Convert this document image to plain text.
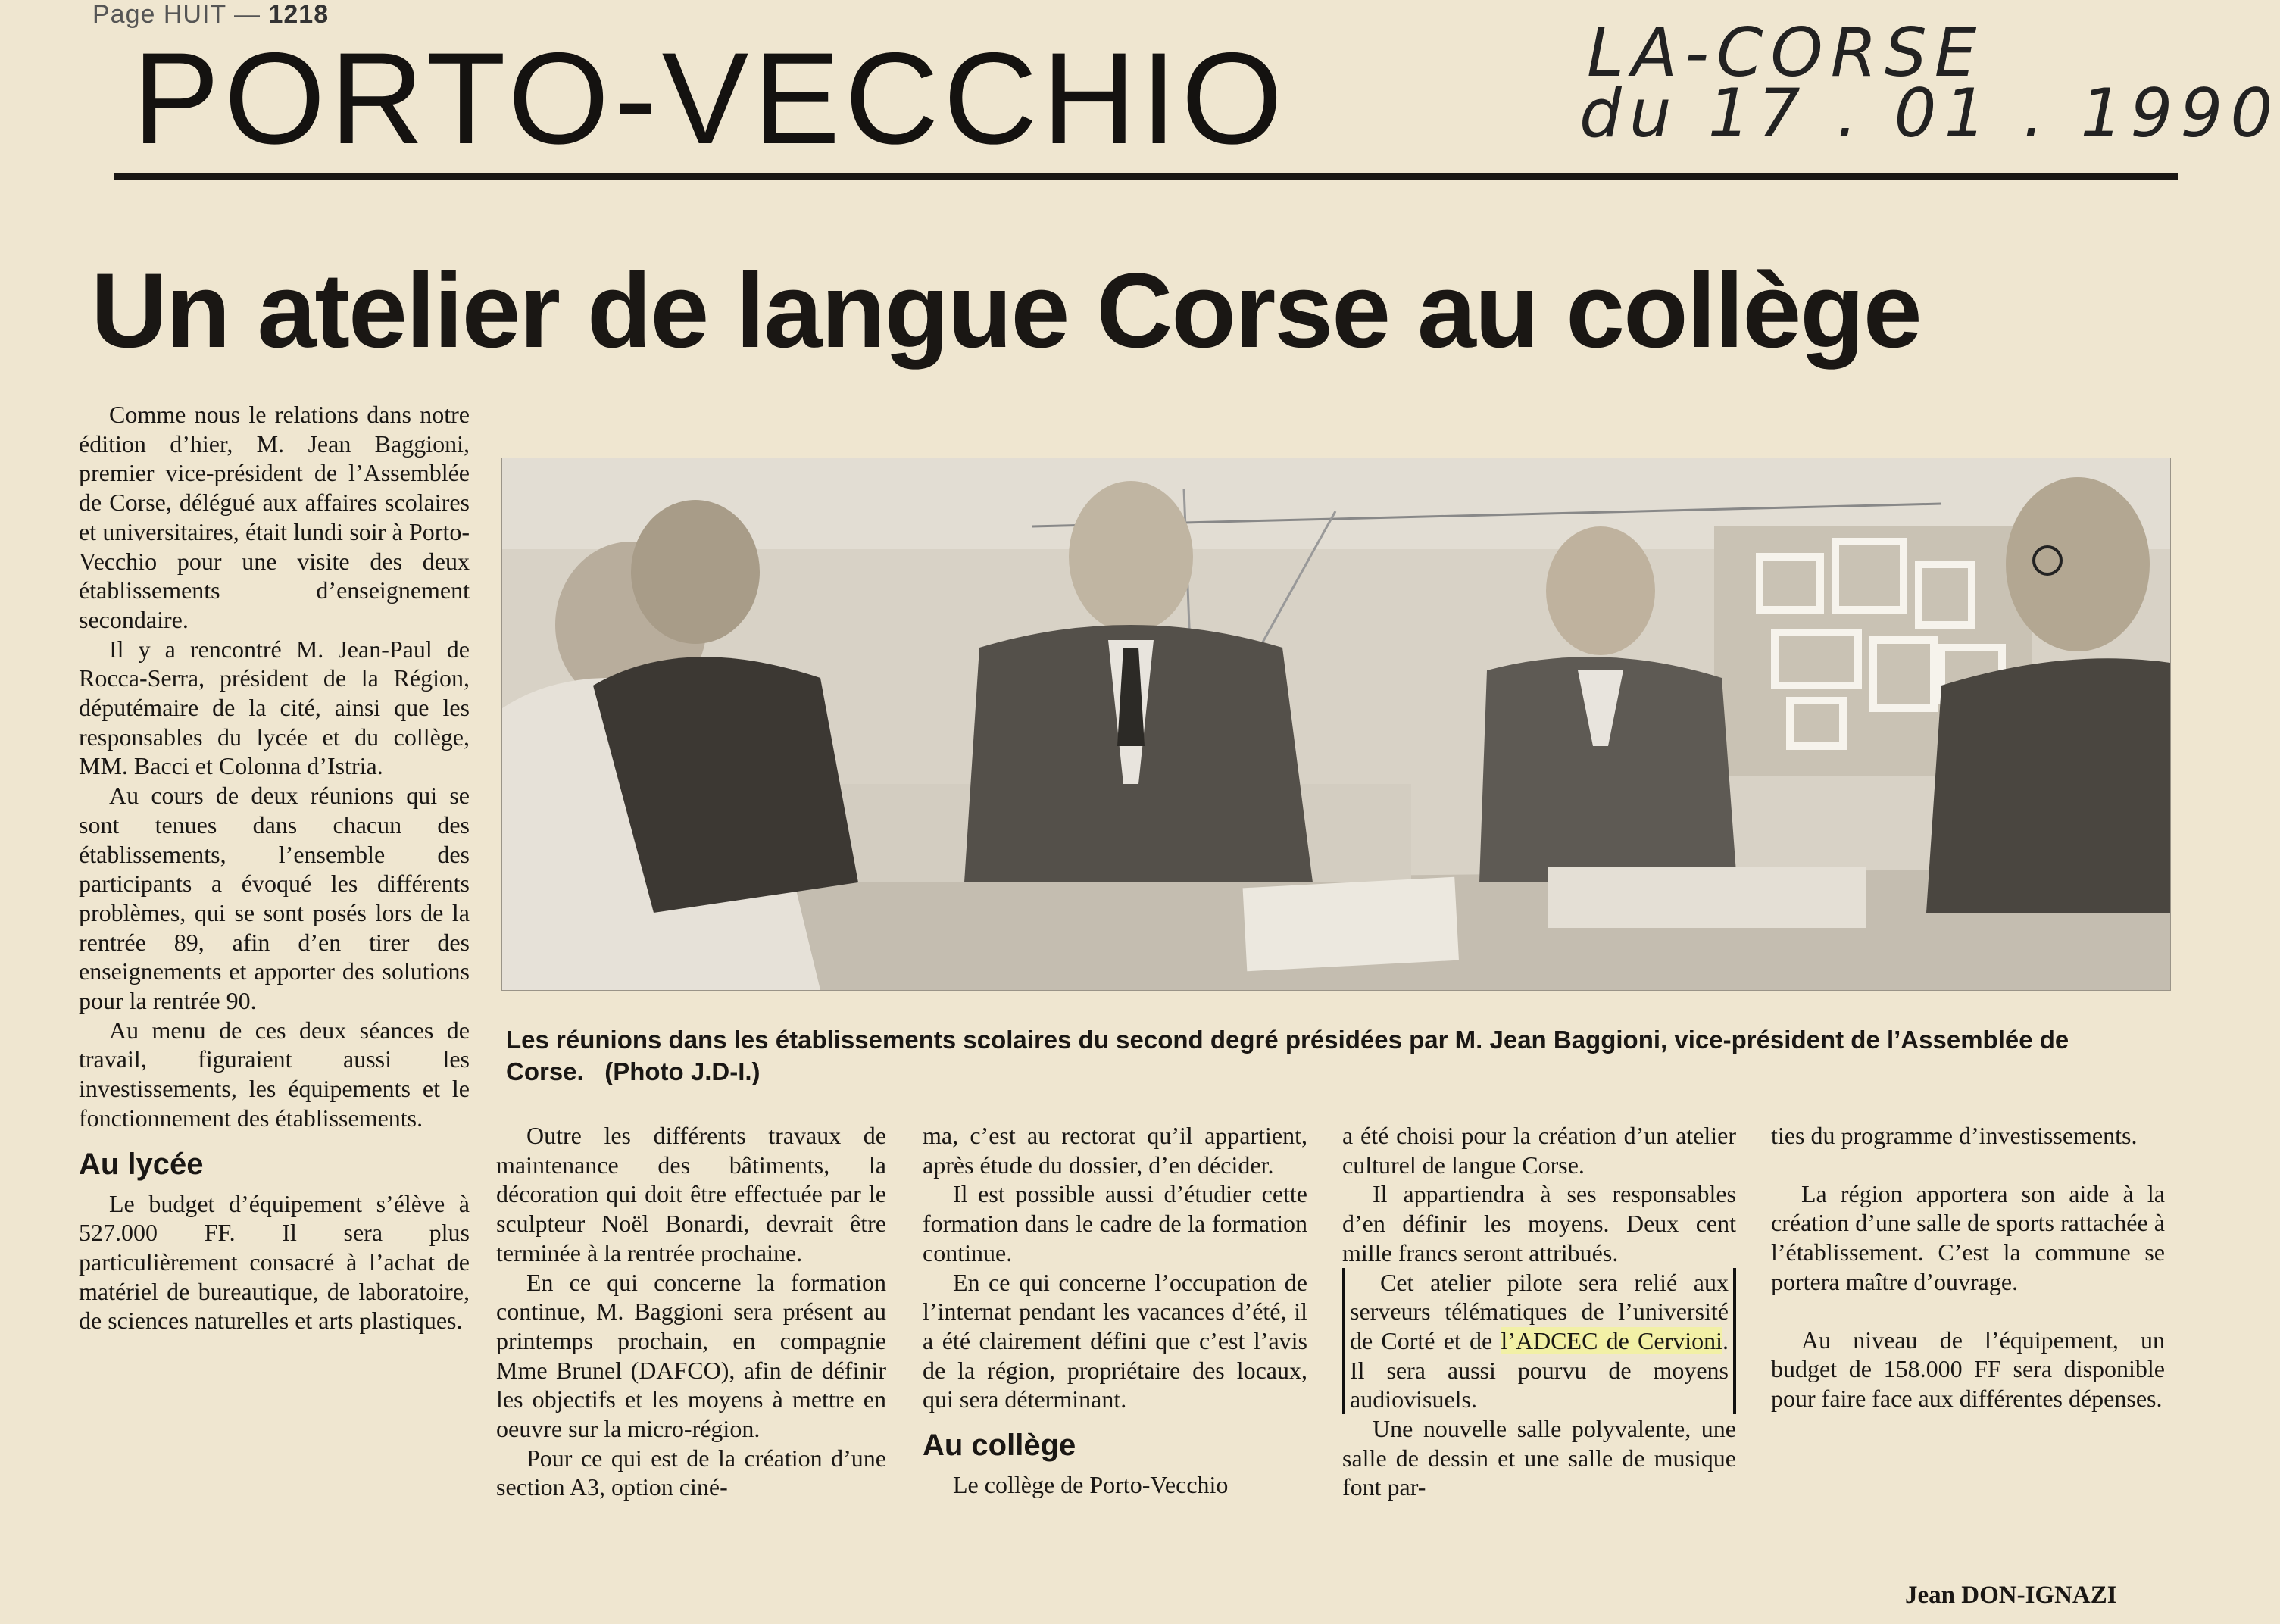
Page HUIT — 1218
PORTO-VECCHIO	LA-CORSE
du 17 . 01 . 1990
Un atelier de langue Corse au collège

Comme nous le relations dans notre édition d’hier, M. Jean Baggioni, premier vice-président de l’Assemblée de Corse, délégué aux affaires scolaires et universitaires, était lundi soir à Porto-Vecchio pour une visite des deux établissements d’enseignement secondaire.

Il y a rencontré M. Jean-Paul de Rocca-Serra, président de la Région, députémaire de la cité, ainsi que les responsables du lycée et du collège, MM. Bacci et Colonna d’Istria.

Au cours de deux réunions qui se sont tenues dans chacun des établissements, l’ensemble des participants a évoqué les différents problèmes, qui se sont posés lors de la rentrée 89, afin d’en tirer des enseignements et apporter des solutions pour la rentrée 90.

Au menu de ces deux séances de travail, figuraient aussi les investissements, les équipements et le fonctionnement des établissements.

Au lycée

Le budget d’équipement s’élève à 527.000 FF. Il sera plus particulièrement consacré à l’achat de matériel de bureautique, de laboratoire, de sciences naturelles et arts plastiques.

Les réunions dans les établissements scolaires du second degré présidées par M. Jean Baggioni, vice-président de l’Assemblée de Corse. (Photo J.D-I.)

Outre les différents travaux de maintenance des bâtiments, la décoration qui doit être effectuée par le sculpteur Noël Bonardi, devrait être terminée à la rentrée prochaine.

En ce qui concerne la formation continue, M. Baggioni sera présent au printemps prochain, en compagnie Mme Brunel (DAFCO), afin de définir les objectifs et les moyens à mettre en oeuvre sur la micro-région.

Pour ce qui est de la création d’une section A3, option ciné-

ma, c’est au rectorat qu’il appartient, après étude du dossier, d’en décider.

Il est possible aussi d’étudier cette formation dans le cadre de la formation continue.

En ce qui concerne l’occupation de l’internat pendant les vacances d’été, il a été clairement défini que c’est l’avis de la région, propriétaire des locaux, qui sera déterminant.

Au collège

Le collège de Porto-Vecchio

a été choisi pour la création d’un atelier culturel de langue Corse.

Il appartiendra à ses responsables d’en définir les moyens. Deux cent mille francs seront attribués.

Cet atelier pilote sera relié aux serveurs télématiques de l’université de Corté et de l’ADCEC de Cervioni. Il sera aussi pourvu de moyens audiovisuels.

Une nouvelle salle polyvalente, une salle de dessin et une salle de musique font par-

ties du programme d’investissements.

La région apportera son aide à la création d’une salle de sports rattachée à l’établissement. C’est la commune se portera maître d’ouvrage.

Au niveau de l’équipement, un budget de 158.000 FF sera disponible pour faire face aux différentes dépenses.

Jean DON-IGNAZI
